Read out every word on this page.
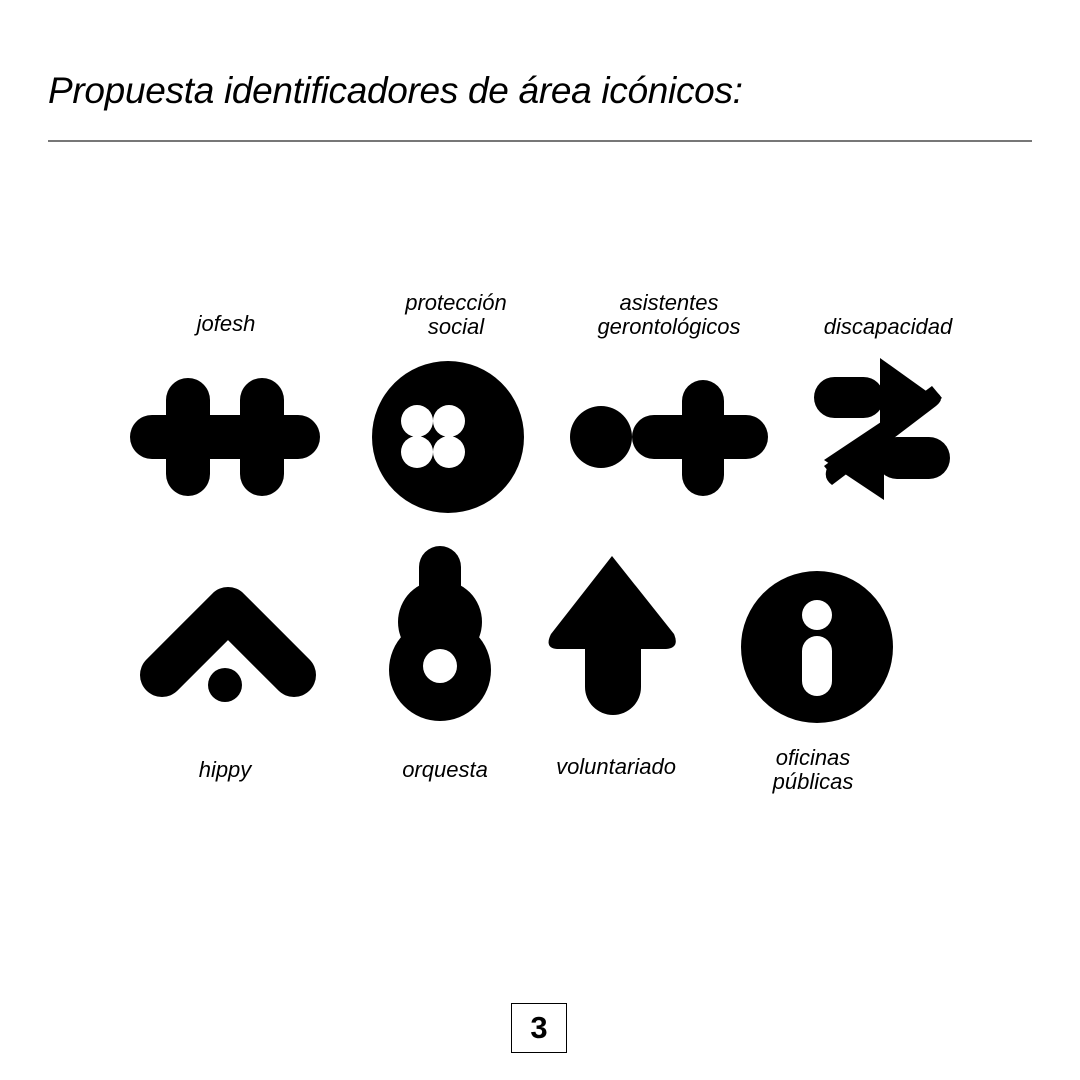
Propuesta identificadores de área icónicos:
jofesh
protección
social
asistentes
gerontológicos	discapacidad
hippy	orquesta	voluntariado	oficinas
públicas
3
